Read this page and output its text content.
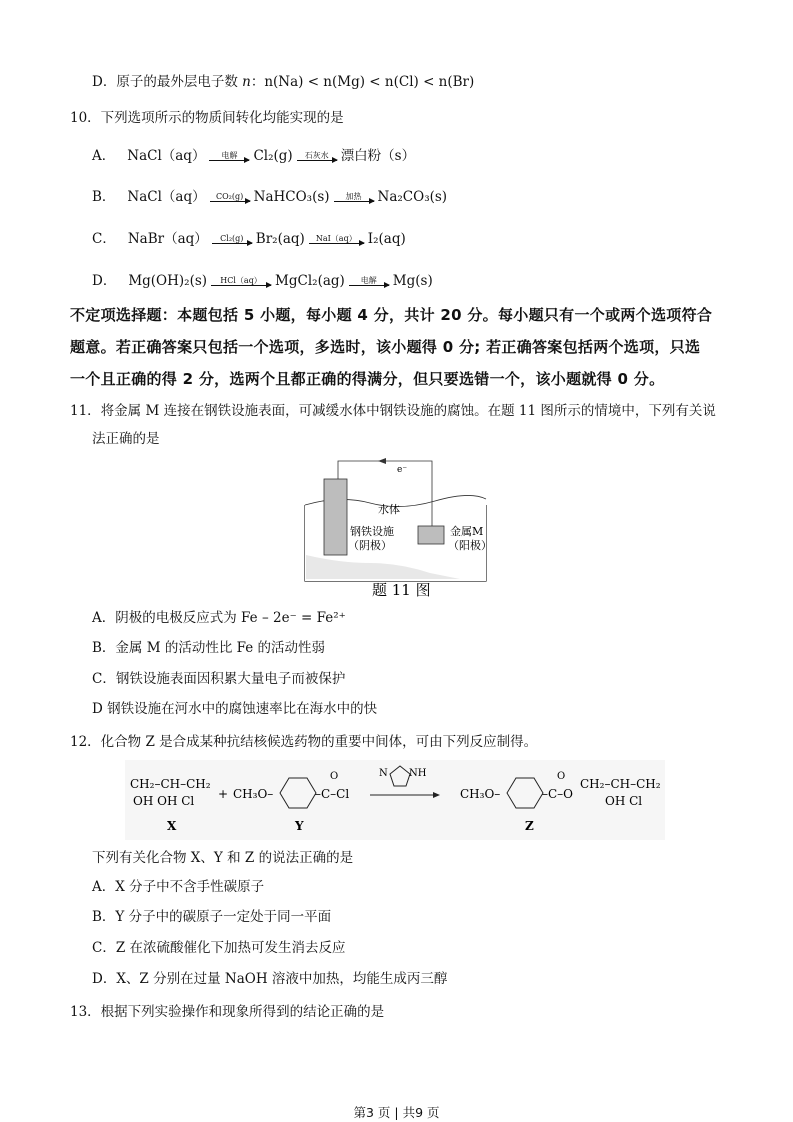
D．原子的最外层电子数 n：n(Na) < n(Mg) < n(Cl) < n(Br)
10．下列选项所示的物质间转化均能实现的是
A． NaCl（aq） 电解 Cl₂(g) 石灰水 漂白粉（s）
B． NaCl（aq） CO₂(g) NaHCO₃(s) 加热 Na₂CO₃(s)
C． NaBr（aq） Cl₂(g) Br₂(aq) NaI（aq） I₂(aq)
D． Mg(OH)₂(s) HCl（aq） MgCl₂(ag) 电解 Mg(s)
不定项选择题：本题包括 5 小题，每小题 4 分，共计 20 分。每小题只有一个或两个选项符合
题意。若正确答案只包括一个选项，多选时，该小题得 0 分; 若正确答案包括两个选项，只选
一个且正确的得 2 分，选两个且都正确的得满分，但只要选错一个，该小题就得 0 分。
11．将金属 M 连接在钢铁设施表面，可减缓水体中钢铁设施的腐蚀。在题 11 图所示的情境中，下列有关说
法正确的是
e⁻
水体
钢铁设施
（阴极）
金属M
（阳极）
题 11 图
A．阴极的电极反应式为 Fe – 2e⁻ = Fe²⁺
B．金属 M 的活动性比 Fe 的活动性弱
C．钢铁设施表面因积累大量电子而被保护
D 钢铁设施在河水中的腐蚀速率比在海水中的快
12．化合物 Z 是合成某种抗结核候选药物的重要中间体，可由下列反应制得。
CH₂–CH–CH₂
OH OH Cl + CH₃O–	–C–Cl
O	N NH
CH₃O–	–C–O
O
CH₂–CH–CH₂
OH Cl
X	Y	Z
下列有关化合物 X、Y 和 Z 的说法正确的是
A．X 分子中不含手性碳原子
B．Y 分子中的碳原子一定处于同一平面
C．Z 在浓硫酸催化下加热可发生消去反应
D．X、Z 分别在过量 NaOH 溶液中加热，均能生成丙三醇
13．根据下列实验操作和现象所得到的结论正确的是
第3 页 | 共9 页
